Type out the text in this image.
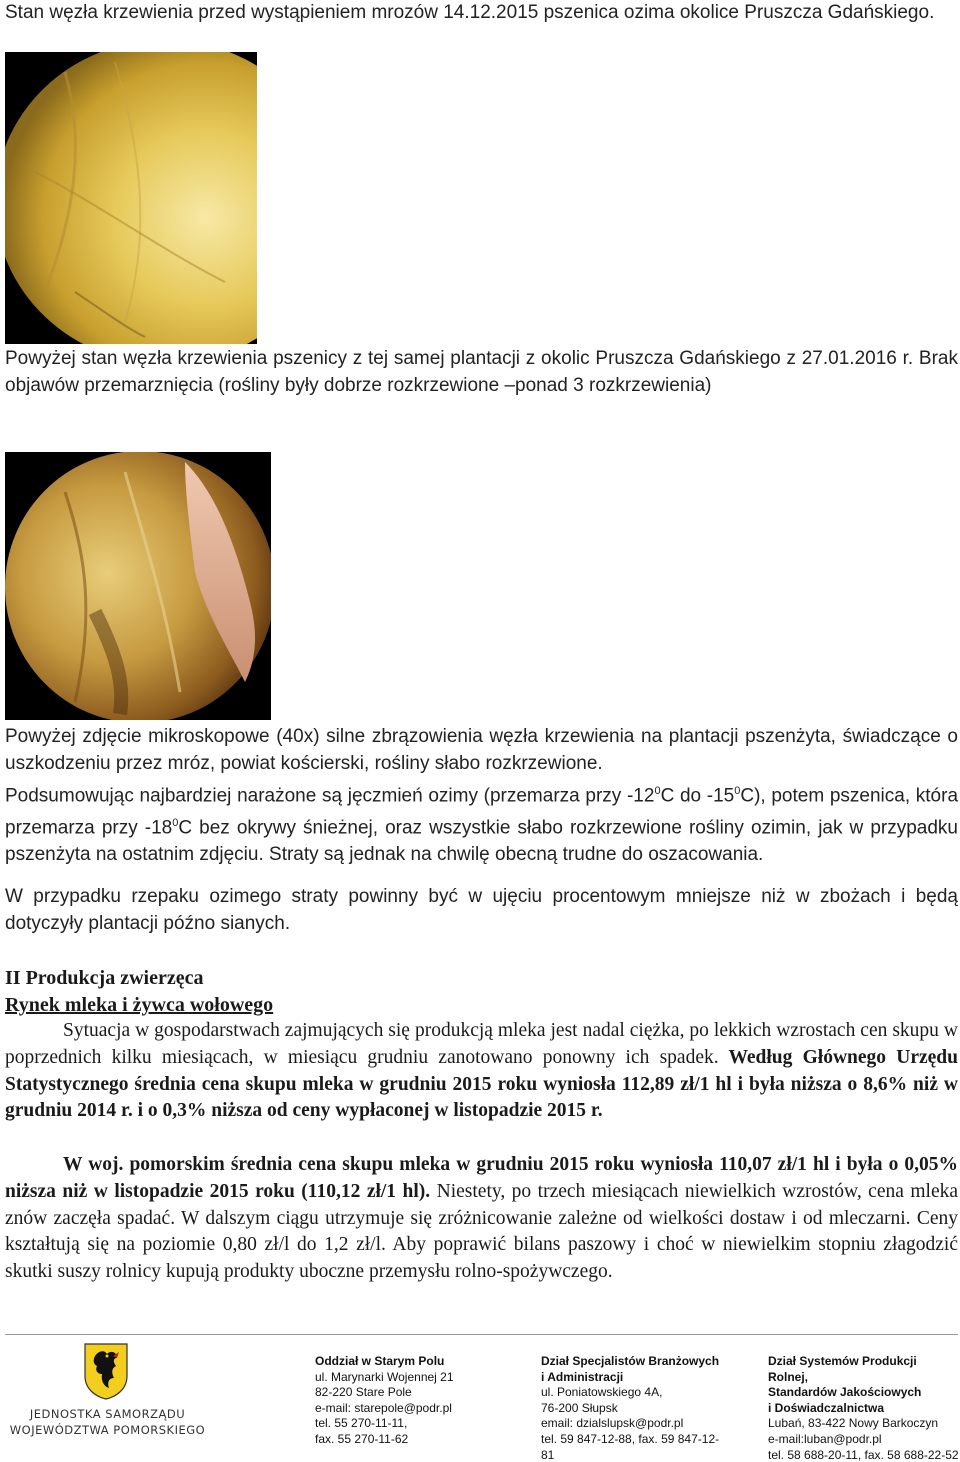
Stan węzła krzewienia przed wystąpieniem mrozów 14.12.2015 pszenica ozima okolice Pruszcza Gdańskiego.

Powyżej stan węzła krzewienia pszenicy z tej samej plantacji z okolic Pruszcza Gdańskiego z 27.01.2016 r. Brak objawów przemarznięcia (rośliny były dobrze rozkrzewione –ponad 3 rozkrzewienia)

Powyżej zdjęcie mikroskopowe (40x) silne zbrązowienia węzła krzewienia na plantacji pszenżyta, świadczące o uszkodzeniu przez mróz, powiat kościerski, rośliny słabo rozkrzewione.

Podsumowując najbardziej narażone są jęczmień ozimy (przemarza przy $-12^0C$ do $-15^0C$), potem pszenica, która przemarza przy $-18^0C$ bez okrywy śnieżnej, oraz wszystkie słabo rozkrzewione rośliny ozimin, jak w przypadku pszenżyta na ostatnim zdjęciu. Straty są jednak na chwilę obecną trudne do oszacowania.

W przypadku rzepaku ozimego straty powinny być w ujęciu procentowym mniejsze niż w zbożach i będą dotyczyły plantacji późno sianych.

II Produkcja zwierzęca
Rynek mleka i żywca wołowego

Sytuacja w gospodarstwach zajmujących się produkcją mleka jest nadal ciężka, po lekkich wzrostach cen skupu w poprzednich kilku miesiącach, w miesiącu grudniu zanotowano ponowny ich spadek. Według Głównego Urzędu Statystycznego średnia cena skupu mleka w grudniu 2015 roku wyniosła 112,89 zł/1 hl i była niższa o 8,6% niż w grudniu 2014 r. i o 0,3% niższa od ceny wypłaconej w listopadzie 2015 r.

W woj. pomorskim średnia cena skupu mleka w grudniu 2015 roku wyniosła 110,07 zł/1 hl i była o 0,05% niższa niż w listopadzie 2015 roku (110,12 zł/1 hl). Niestety, po trzech miesiącach niewielkich wzrostów, cena mleka znów zaczęła spadać. W dalszym ciągu utrzymuje się zróżnicowanie zależne od wielkości dostaw i od mleczarni. Ceny kształtują się na poziomie 0,80 zł/l do 1,2 zł/l. Aby poprawić bilans paszowy i choć w niewielkim stopniu złagodzić skutki suszy rolnicy kupują produkty uboczne przemysłu rolno-spożywczego.

JEDNOSTKA SAMORZĄDU
WOJEWÓDZTWA POMORSKIEGO
Oddział w Starym Polu
ul. Marynarki Wojennej 21
82-220 Stare Pole
e-mail: starepole@podr.pl
tel. 55 270-11-11,
fax. 55 270-11-62
Dział Specjalistów Branżowych
i Administracji
ul. Poniatowskiego 4A,
76-200 Słupsk
email: dzialslupsk@podr.pl
tel. 59 847-12-88, fax. 59 847-12-
81
Dział Systemów Produkcji Rolnej,
Standardów Jakościowych
i Doświadczalnictwa
Lubań, 83-422 Nowy Barkoczyn
e-mail:luban@podr.pl
tel. 58 688-20-11, fax. 58 688-22-52
